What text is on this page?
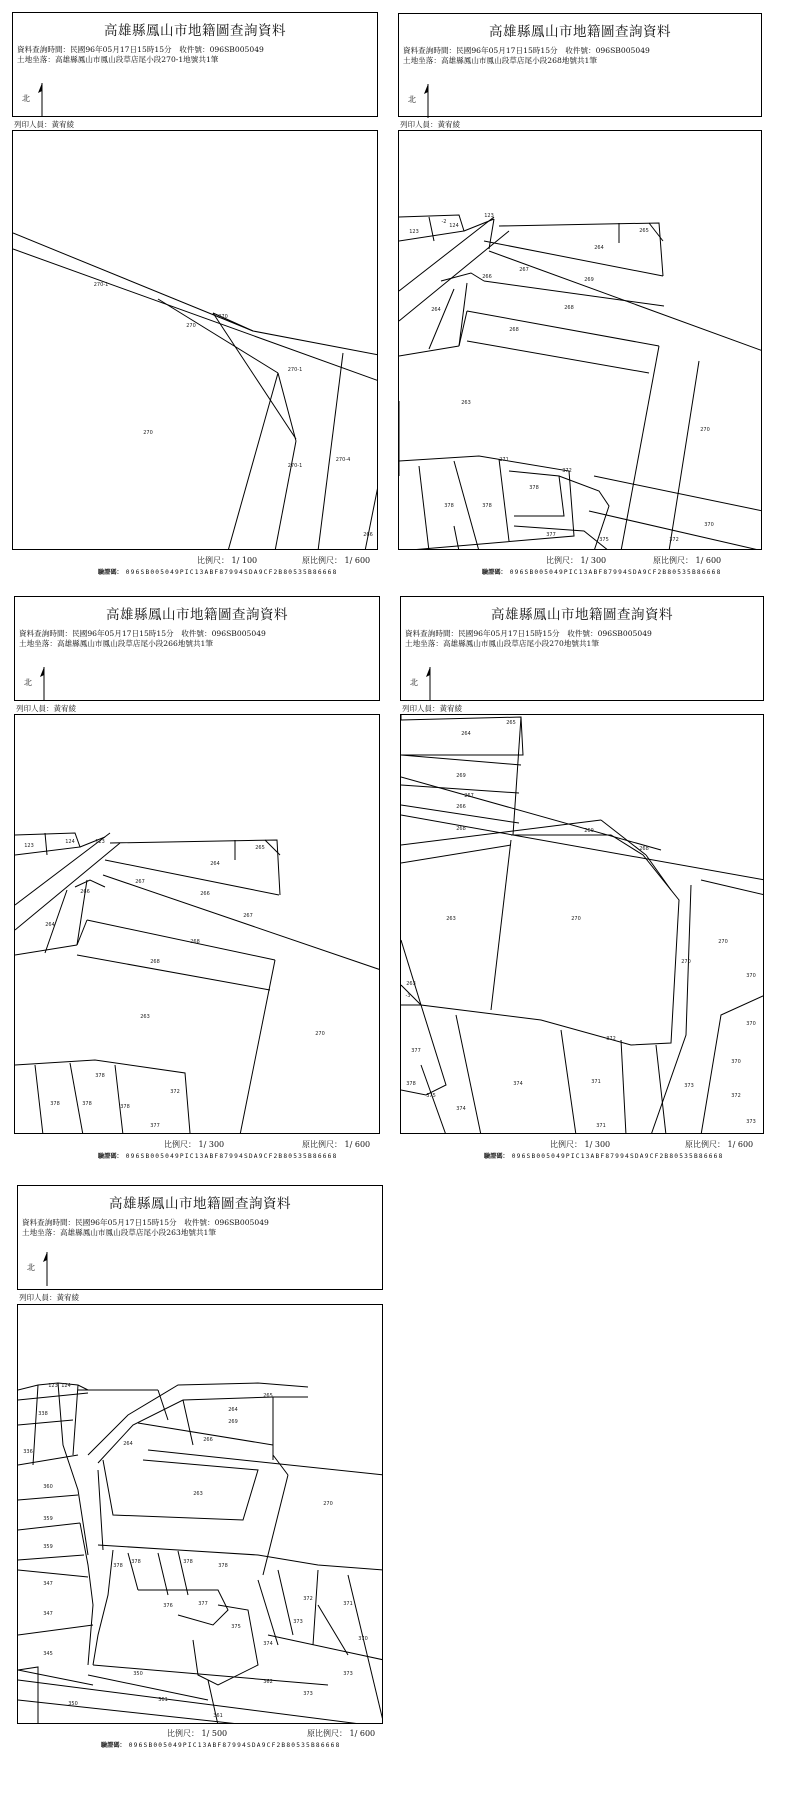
高雄縣鳳山市地籍圖查詢資料
資料查詢時間：民國96年05月17日15時15分　收件號：096SB005049
土地坐落：高雄縣鳳山市鳳山段草店尾小段270-1地號共1筆
北
列印人員：黃宥綾
270-1
270
270
270-1
270
270-1
270-4
266
比例尺： 1/ 100	原比例尺： 1/ 600
驗證碼： 096SB005049PIC13ABF87994SDA9CF2B80535B86668
高雄縣鳳山市地籍圖查詢資料
資料查詢時間：民國96年05月17日15時15分　收件號：096SB005049
土地坐落：高雄縣鳳山市鳳山段草店尾小段268地號共1筆
北
列印人員：黃宥綾
124
-2
123
123	265
264
267
266	269
264	268
268
263
270
271
372
370
378
378	378
377
375	372
比例尺： 1/ 300	原比例尺： 1/ 600
驗證碼： 096SB005049PIC13ABF87994SDA9CF2B80535B86668
高雄縣鳳山市地籍圖查詢資料
資料查詢時間：民國96年05月17日15時15分　收件號：096SB005049
土地坐落：高雄縣鳳山市鳳山段草店尾小段266地號共1筆
北
列印人員：黃宥綾
124	123
123	265
264
267
266	266
264
267
268
268
263
270
378
378	378	378
372
377
比例尺： 1/ 300	原比例尺： 1/ 600
驗證碼： 096SB005049PIC13ABF87994SDA9CF2B80535B86668
高雄縣鳳山市地籍圖查詢資料
資料查詢時間：民國96年05月17日15時15分　收件號：096SB005049
土地坐落：高雄縣鳳山市鳳山段草店尾小段270地號共1筆
北
列印人員：黃宥綾
264
265
269
267
266
268	269
268
263	270
263
-3
270
270
370
372
377
378
375
374
374	371
373
370
372
370
371
373
比例尺： 1/ 300	原比例尺： 1/ 600
驗證碼： 096SB005049PIC13ABF87994SDA9CF2B80535B86668
高雄縣鳳山市地籍圖查詢資料
資料查詢時間：民國96年05月17日15時15分　收件號：096SB005049
土地坐落：高雄縣鳳山市鳳山段草店尾小段263地號共1筆
北
列印人員：黃宥綾
123 124
265
264
269
264
266
263
270
338
336
360
359
359
347
347
345
378
378	378
378
377
376
375
374
373
372
371
370
373
373
350
350
361
362
361
比例尺： 1/ 500	原比例尺： 1/ 600
驗證碼： 096SB005049PIC13ABF87994SDA9CF2B80535B86668
